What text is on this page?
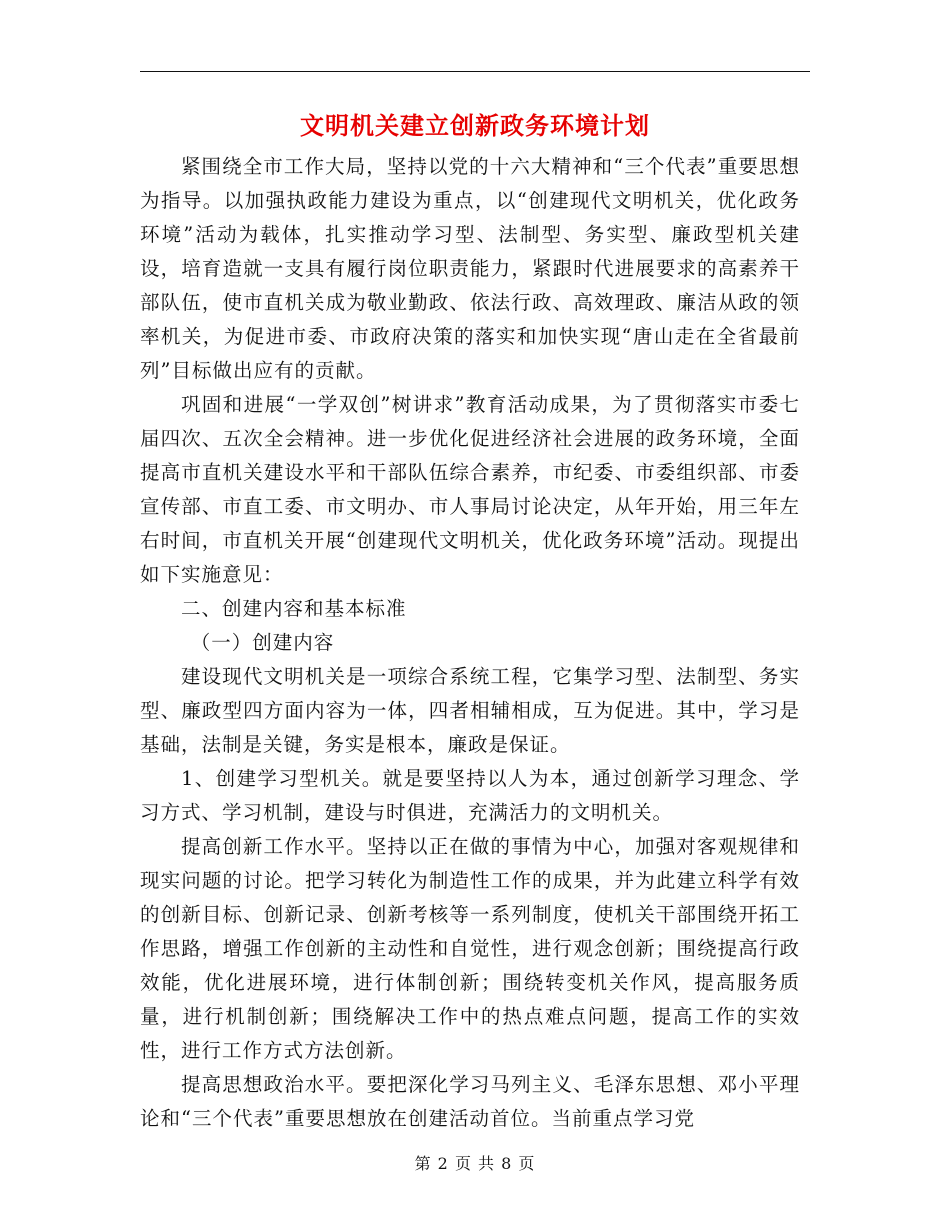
文明机关建立创新政务环境计划

紧围绕全市工作大局，坚持以党的十六大精神和“三个代表”重要思想为指导。以加强执政能力建设为重点，以“创建现代文明机关，优化政务环境”活动为载体，扎实推动学习型、法制型、务实型、廉政型机关建设，培育造就一支具有履行岗位职责能力，紧跟时代进展要求的高素养干部队伍，使市直机关成为敬业勤政、依法行政、高效理政、廉洁从政的领率机关，为促进市委、市政府决策的落实和加快实现“唐山走在全省最前列”目标做出应有的贡献。

巩固和进展“一学双创”树讲求”教育活动成果，为了贯彻落实市委七届四次、五次全会精神。进一步优化促进经济社会进展的政务环境，全面提高市直机关建设水平和干部队伍综合素养，市纪委、市委组织部、市委宣传部、市直工委、市文明办、市人事局讨论决定，从年开始，用三年左右时间，市直机关开展“创建现代文明机关，优化政务环境”活动。现提出如下实施意见：

二、创建内容和基本标准

（一）创建内容

建设现代文明机关是一项综合系统工程，它集学习型、法制型、务实型、廉政型四方面内容为一体，四者相辅相成，互为促进。其中，学习是基础，法制是关键，务实是根本，廉政是保证。

1、创建学习型机关。就是要坚持以人为本，通过创新学习理念、学习方式、学习机制，建设与时俱进，充满活力的文明机关。

提高创新工作水平。坚持以正在做的事情为中心，加强对客观规律和现实问题的讨论。把学习转化为制造性工作的成果，并为此建立科学有效的创新目标、创新记录、创新考核等一系列制度，使机关干部围绕开拓工作思路，增强工作创新的主动性和自觉性，进行观念创新；围绕提高行政效能，优化进展环境，进行体制创新；围绕转变机关作风，提高服务质量，进行机制创新；围绕解决工作中的热点难点问题，提高工作的实效性，进行工作方式方法创新。

提高思想政治水平。要把深化学习马列主义、毛泽东思想、邓小平理论和“三个代表”重要思想放在创建活动首位。当前重点学习党

第 2 页 共 8 页
